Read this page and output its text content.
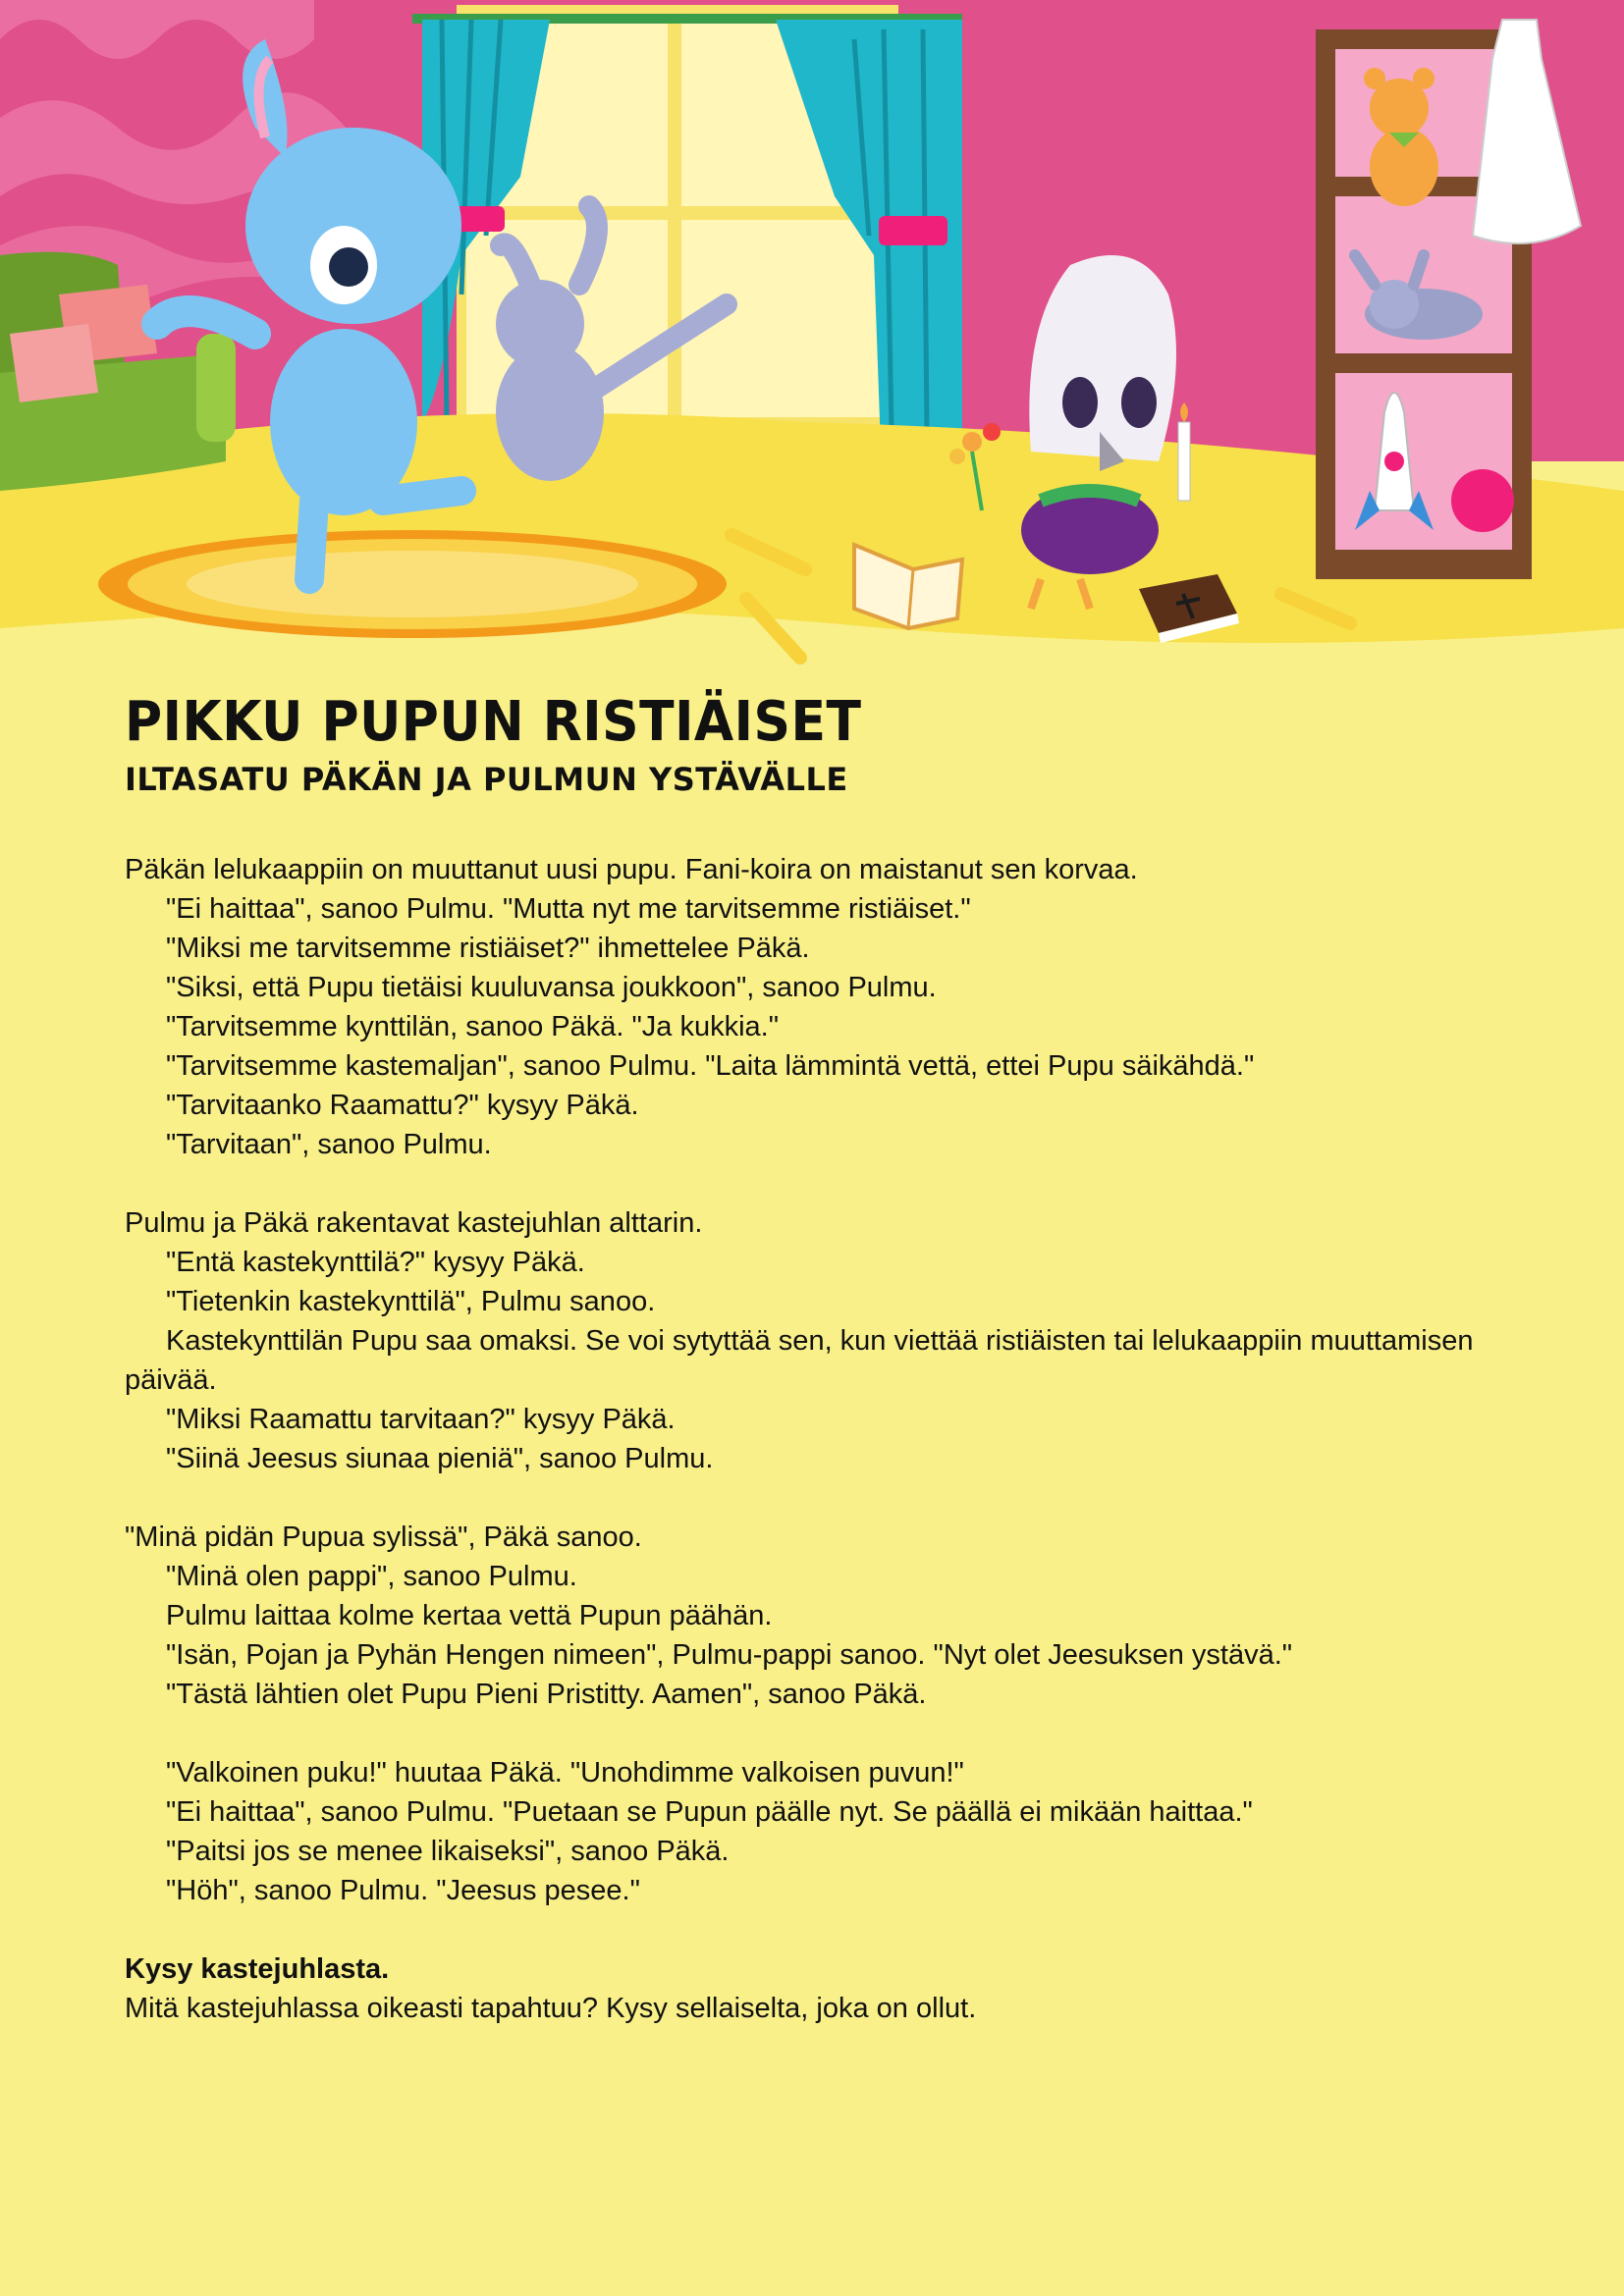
PIKKU PUPUN RISTIÄISET
ILTASATU PÄKÄN JA PULMUN YSTÄVÄLLE
Päkän lelukaappiin on muuttanut uusi pupu. Fani-koira on maistanut sen korvaa.
"Ei haittaa", sanoo Pulmu. "Mutta nyt me tarvitsemme ristiäiset."
"Miksi me tarvitsemme ristiäiset?" ihmettelee Päkä.
"Siksi, että Pupu tietäisi kuuluvansa joukkoon", sanoo Pulmu.
"Tarvitsemme kynttilän, sanoo Päkä. "Ja kukkia."
"Tarvitsemme kastemaljan", sanoo Pulmu. "Laita lämmintä vettä, ettei Pupu säikähdä."
"Tarvitaanko Raamattu?" kysyy Päkä.
"Tarvitaan", sanoo Pulmu.
Pulmu ja Päkä rakentavat kastejuhlan alttarin.
"Entä kastekynttilä?" kysyy Päkä.
"Tietenkin kastekynttilä", Pulmu sanoo.
Kastekynttilän Pupu saa omaksi. Se voi sytyttää sen, kun viettää ristiäisten tai lelukaappiin muuttamisen päivää.
"Miksi Raamattu tarvitaan?" kysyy Päkä.
"Siinä Jeesus siunaa pieniä", sanoo Pulmu.
"Minä pidän Pupua sylissä", Päkä sanoo.
"Minä olen pappi", sanoo Pulmu.
Pulmu laittaa kolme kertaa vettä Pupun päähän.
"Isän, Pojan ja Pyhän Hengen nimeen", Pulmu-pappi sanoo. "Nyt olet Jeesuksen ystävä."
"Tästä lähtien olet Pupu Pieni Pristitty. Aamen", sanoo Päkä.
"Valkoinen puku!" huutaa Päkä. "Unohdimme valkoisen puvun!"
"Ei haittaa", sanoo Pulmu. "Puetaan se Pupun päälle nyt. Se päällä ei mikään haittaa."
"Paitsi jos se menee likaiseksi", sanoo Päkä.
"Höh", sanoo Pulmu. "Jeesus pesee."
Kysy kastejuhlasta.
Mitä kastejuhlassa oikeasti tapahtuu? Kysy sellaiselta, joka on ollut.
